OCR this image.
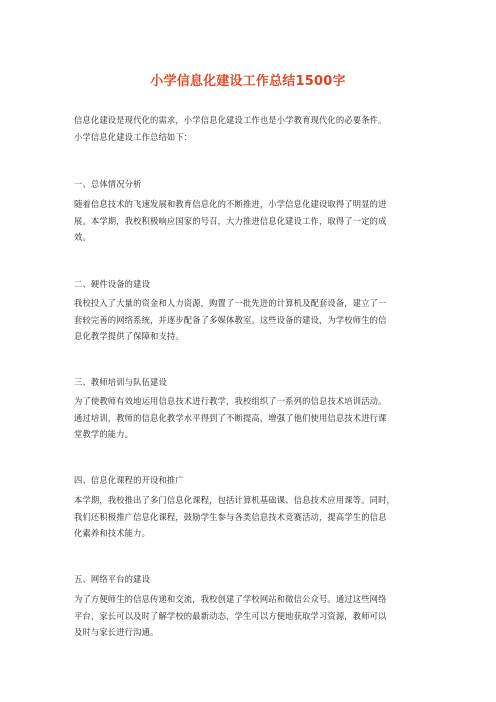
小学信息化建设工作总结1500字
信息化建设是现代化的需求，小学信息化建设工作也是小学教育现代化的必要条件。
小学信息化建设工作总结如下：
一、总体情况分析
随着信息技术的飞速发展和教育信息化的不断推进，小学信息化建设取得了明显的进
展。本学期，我校积极响应国家的号召，大力推进信息化建设工作，取得了一定的成
效。
二、硬件设备的建设
我校投入了大量的资金和人力资源，购置了一批先进的计算机及配套设备，建立了一
套较完善的网络系统，并逐步配备了多媒体教室。这些设备的建设，为学校师生的信
息化教学提供了保障和支持。
三、教师培训与队伍建设
为了使教师有效地运用信息技术进行教学，我校组织了一系列的信息技术培训活动。
通过培训，教师的信息化教学水平得到了不断提高，增强了他们使用信息技术进行课
堂教学的能力。
四、信息化课程的开设和推广
本学期，我校推出了多门信息化课程，包括计算机基础课、信息技术应用课等。同时，
我们还积极推广信息化课程，鼓励学生参与各类信息技术竞赛活动，提高学生的信息
化素养和技术能力。
五、网络平台的建设
为了方便师生的信息传递和交流，我校创建了学校网站和微信公众号。通过这些网络
平台，家长可以及时了解学校的最新动态，学生可以方便地获取学习资源，教师可以
及时与家长进行沟通。
